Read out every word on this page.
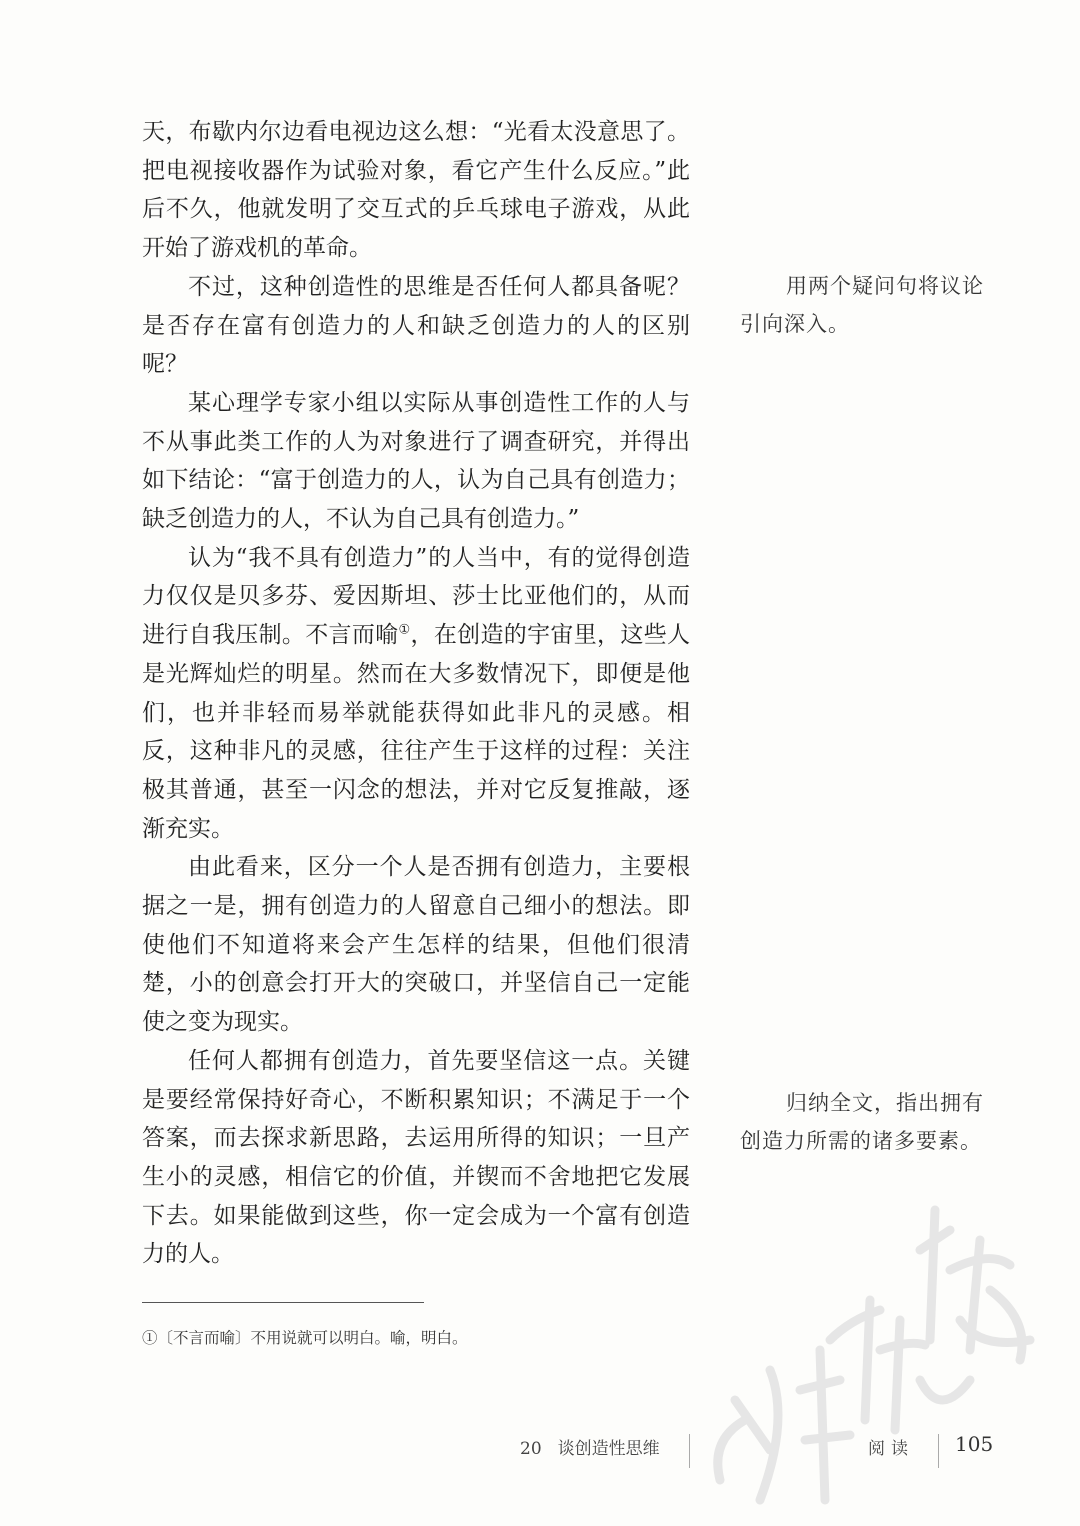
天，布歇内尔边看电视边这么想：“光看太没意思了。把电视接收器作为试验对象，看它产生什么反应。”此后不久，他就发明了交互式的乒乓球电子游戏，从此开始了游戏机的革命。

不过，这种创造性的思维是否任何人都具备呢？是否存在富有创造力的人和缺乏创造力的人的区别呢？

某心理学专家小组以实际从事创造性工作的人与不从事此类工作的人为对象进行了调查研究，并得出如下结论：“富于创造力的人，认为自己具有创造力；缺乏创造力的人，不认为自己具有创造力。”

认为“我不具有创造力”的人当中，有的觉得创造力仅仅是贝多芬、爱因斯坦、莎士比亚他们的，从而进行自我压制。不言而喻①，在创造的宇宙里，这些人是光辉灿烂的明星。然而在大多数情况下，即便是他们，也并非轻而易举就能获得如此非凡的灵感。相反，这种非凡的灵感，往往产生于这样的过程：关注极其普通，甚至一闪念的想法，并对它反复推敲，逐渐充实。

由此看来，区分一个人是否拥有创造力，主要根据之一是，拥有创造力的人留意自己细小的想法。即使他们不知道将来会产生怎样的结果，但他们很清楚，小的创意会打开大的突破口，并坚信自己一定能使之变为现实。

任何人都拥有创造力，首先要坚信这一点。关键是要经常保持好奇心，不断积累知识；不满足于一个答案，而去探求新思路，去运用所得的知识；一旦产生小的灵感，相信它的价值，并锲而不舍地把它发展下去。如果能做到这些，你一定会成为一个富有创造力的人。

用两个疑问句将议论引向深入。

归纳全文，指出拥有创造力所需的诸多要素。

①〔不言而喻〕不用说就可以明白。喻，明白。

20 谈创造性思维	阅读 105
